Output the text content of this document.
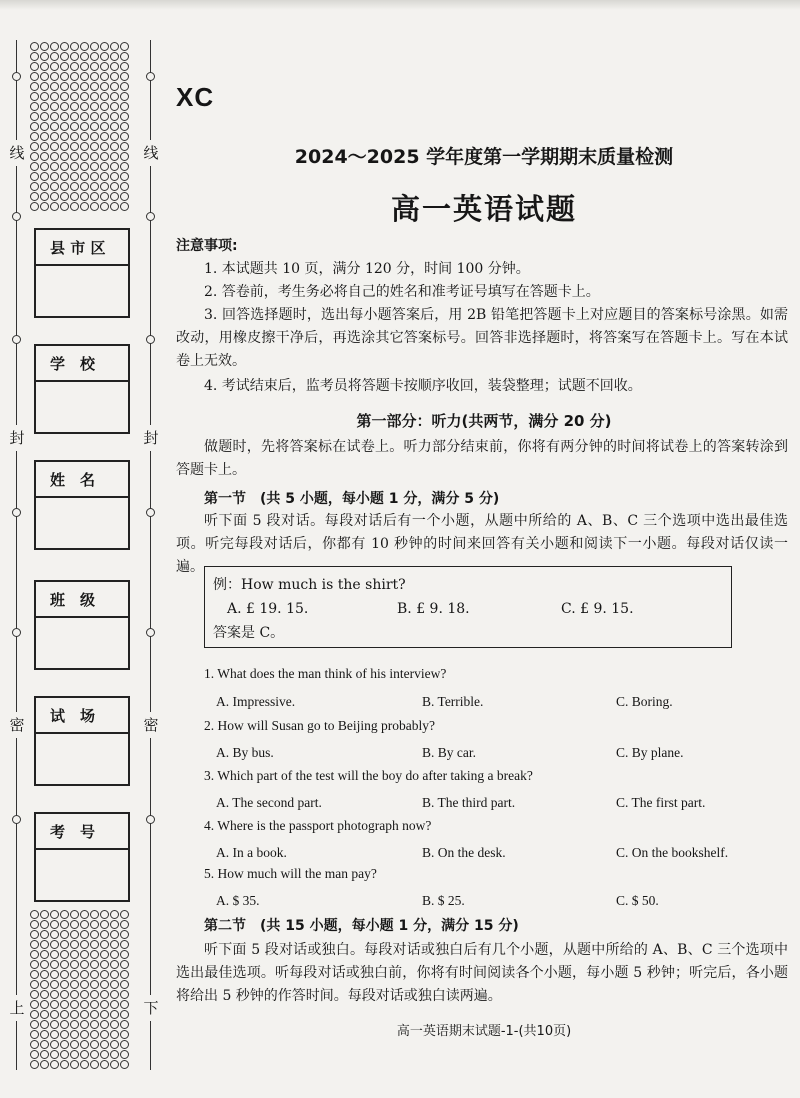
线	线
封	封
密	密
上	下
县 市 区
学　校
姓　名
班　级
试　场
考　号
XC
2024～2025 学年度第一学期期末质量检测
高一英语试题
注意事项:
1. 本试题共 10 页，满分 120 分，时间 100 分钟。
2. 答卷前，考生务必将自己的姓名和准考证号填写在答题卡上。
3. 回答选择题时，选出每小题答案后，用 2B 铅笔把答题卡上对应题目的答案标号涂黑。如需改动，用橡皮擦干净后，再选涂其它答案标号。回答非选择题时，将答案写在答题卡上。写在本试卷上无效。
4. 考试结束后，监考员将答题卡按顺序收回，装袋整理；试题不回收。
第一部分：听力(共两节，满分 20 分)
做题时，先将答案标在试卷上。听力部分结束前，你将有两分钟的时间将试卷上的答案转涂到答题卡上。
第一节　(共 5 小题，每小题 1 分，满分 5 分)
听下面 5 段对话。每段对话后有一个小题，从题中所给的 A、B、C 三个选项中选出最佳选项。听完每段对话后，你都有 10 秒钟的时间来回答有关小题和阅读下一小题。每段对话仅读一遍。
例：How much is the shirt?
A. £ 19. 15.	B. £ 9. 18.	C. £ 9. 15.
答案是 C。
1. What does the man think of his interview?
A. Impressive.	B. Terrible.	C. Boring.
2. How will Susan go to Beijing probably?
A. By bus.	B. By car.	C. By plane.
3. Which part of the test will the boy do after taking a break?
A. The second part.	B. The third part.	C. The first part.
4. Where is the passport photograph now?
A. In a book.	B. On the desk.	C. On the bookshelf.
5. How much will the man pay?
A. $ 35.	B. $ 25.	C. $ 50.
第二节　(共 15 小题，每小题 1 分，满分 15 分)
听下面 5 段对话或独白。每段对话或独白后有几个小题，从题中所给的 A、B、C 三个选项中选出最佳选项。听每段对话或独白前，你将有时间阅读各个小题，每小题 5 秒钟；听完后，各小题将给出 5 秒钟的作答时间。每段对话或独白读两遍。
高一英语期末试题-1-(共10页)
